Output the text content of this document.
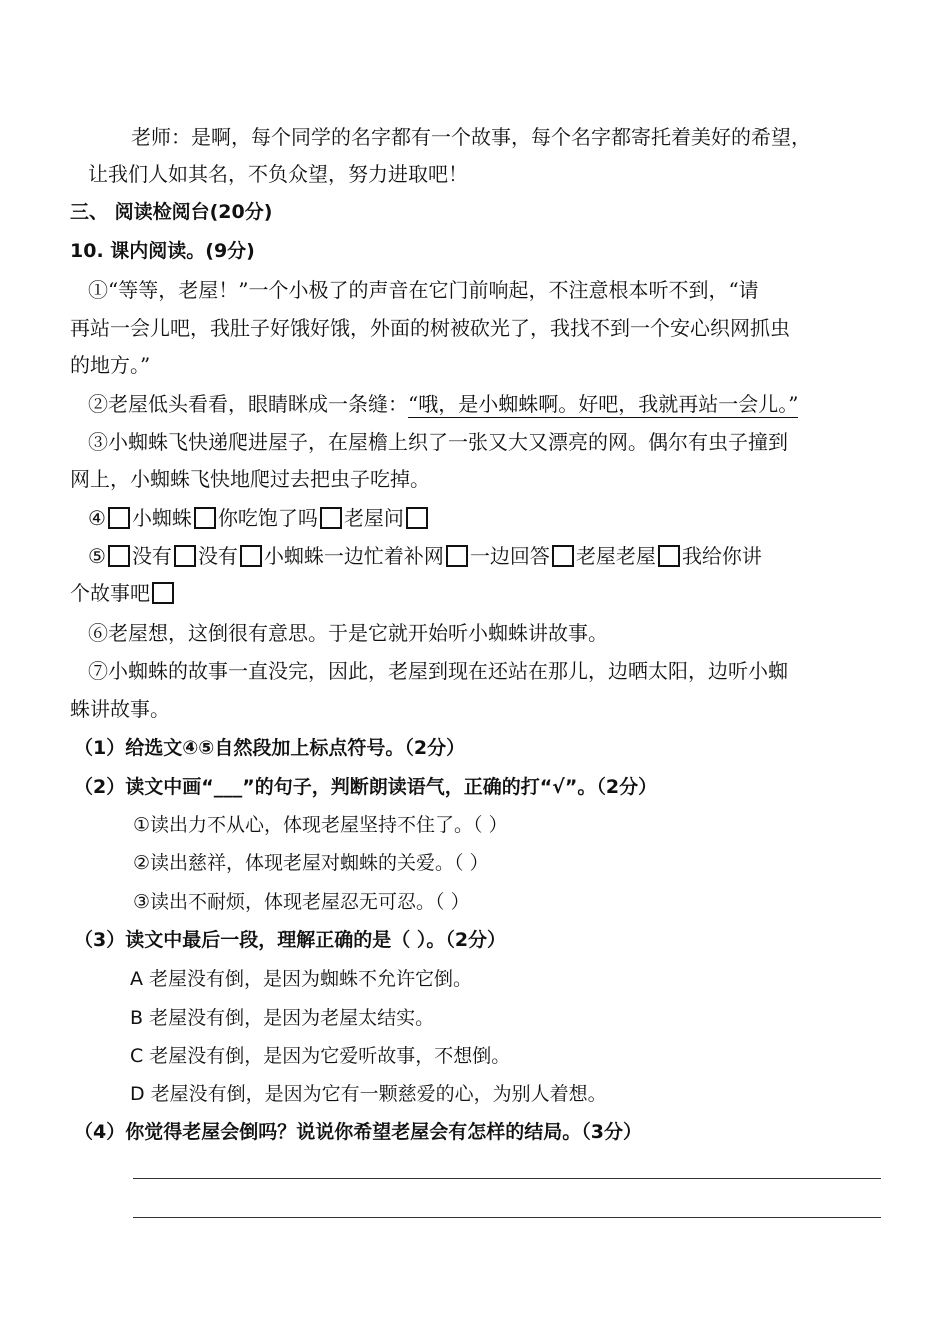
老师：是啊，每个同学的名字都有一个故事，每个名字都寄托着美好的希望，
让我们人如其名，不负众望，努力进取吧！
三、 阅读检阅台(20分)
10. 课内阅读。(9分)
①“等等，老屋！”一个小极了的声音在它门前响起，不注意根本听不到，“请
再站一会儿吧，我肚子好饿好饿，外面的树被砍光了，我找不到一个安心织网抓虫
的地方。”
②老屋低头看看，眼睛眯成一条缝：“哦，是小蜘蛛啊。好吧，我就再站一会儿。”
③小蜘蛛飞快递爬进屋子，在屋檐上织了一张又大又漂亮的网。偶尔有虫子撞到
网上，小蜘蛛飞快地爬过去把虫子吃掉。
④ 小蜘蛛 你吃饱了吗 老屋问
⑤ 没有 没有 小蜘蛛一边忙着补网 一边回答 老屋老屋 我给你讲
个故事吧
⑥老屋想，这倒很有意思。于是它就开始听小蜘蛛讲故事。
⑦小蜘蛛的故事一直没完，因此，老屋到现在还站在那儿，边晒太阳，边听小蜘
蛛讲故事。
（1）给选文④⑤自然段加上标点符号。（2分）
（2）读文中画“___”的句子，判断朗读语气，正确的打“√”。（2分）
①读出力不从心，体现老屋坚持不住了。（ ）
②读出慈祥，体现老屋对蜘蛛的关爱。（ ）
③读出不耐烦，体现老屋忍无可忍。（ ）
（3）读文中最后一段，理解正确的是（ ）。（2分）
A 老屋没有倒，是因为蜘蛛不允许它倒。
B 老屋没有倒，是因为老屋太结实。
C 老屋没有倒，是因为它爱听故事，不想倒。
D 老屋没有倒，是因为它有一颗慈爱的心，为别人着想。
（4）你觉得老屋会倒吗？说说你希望老屋会有怎样的结局。（3分）
